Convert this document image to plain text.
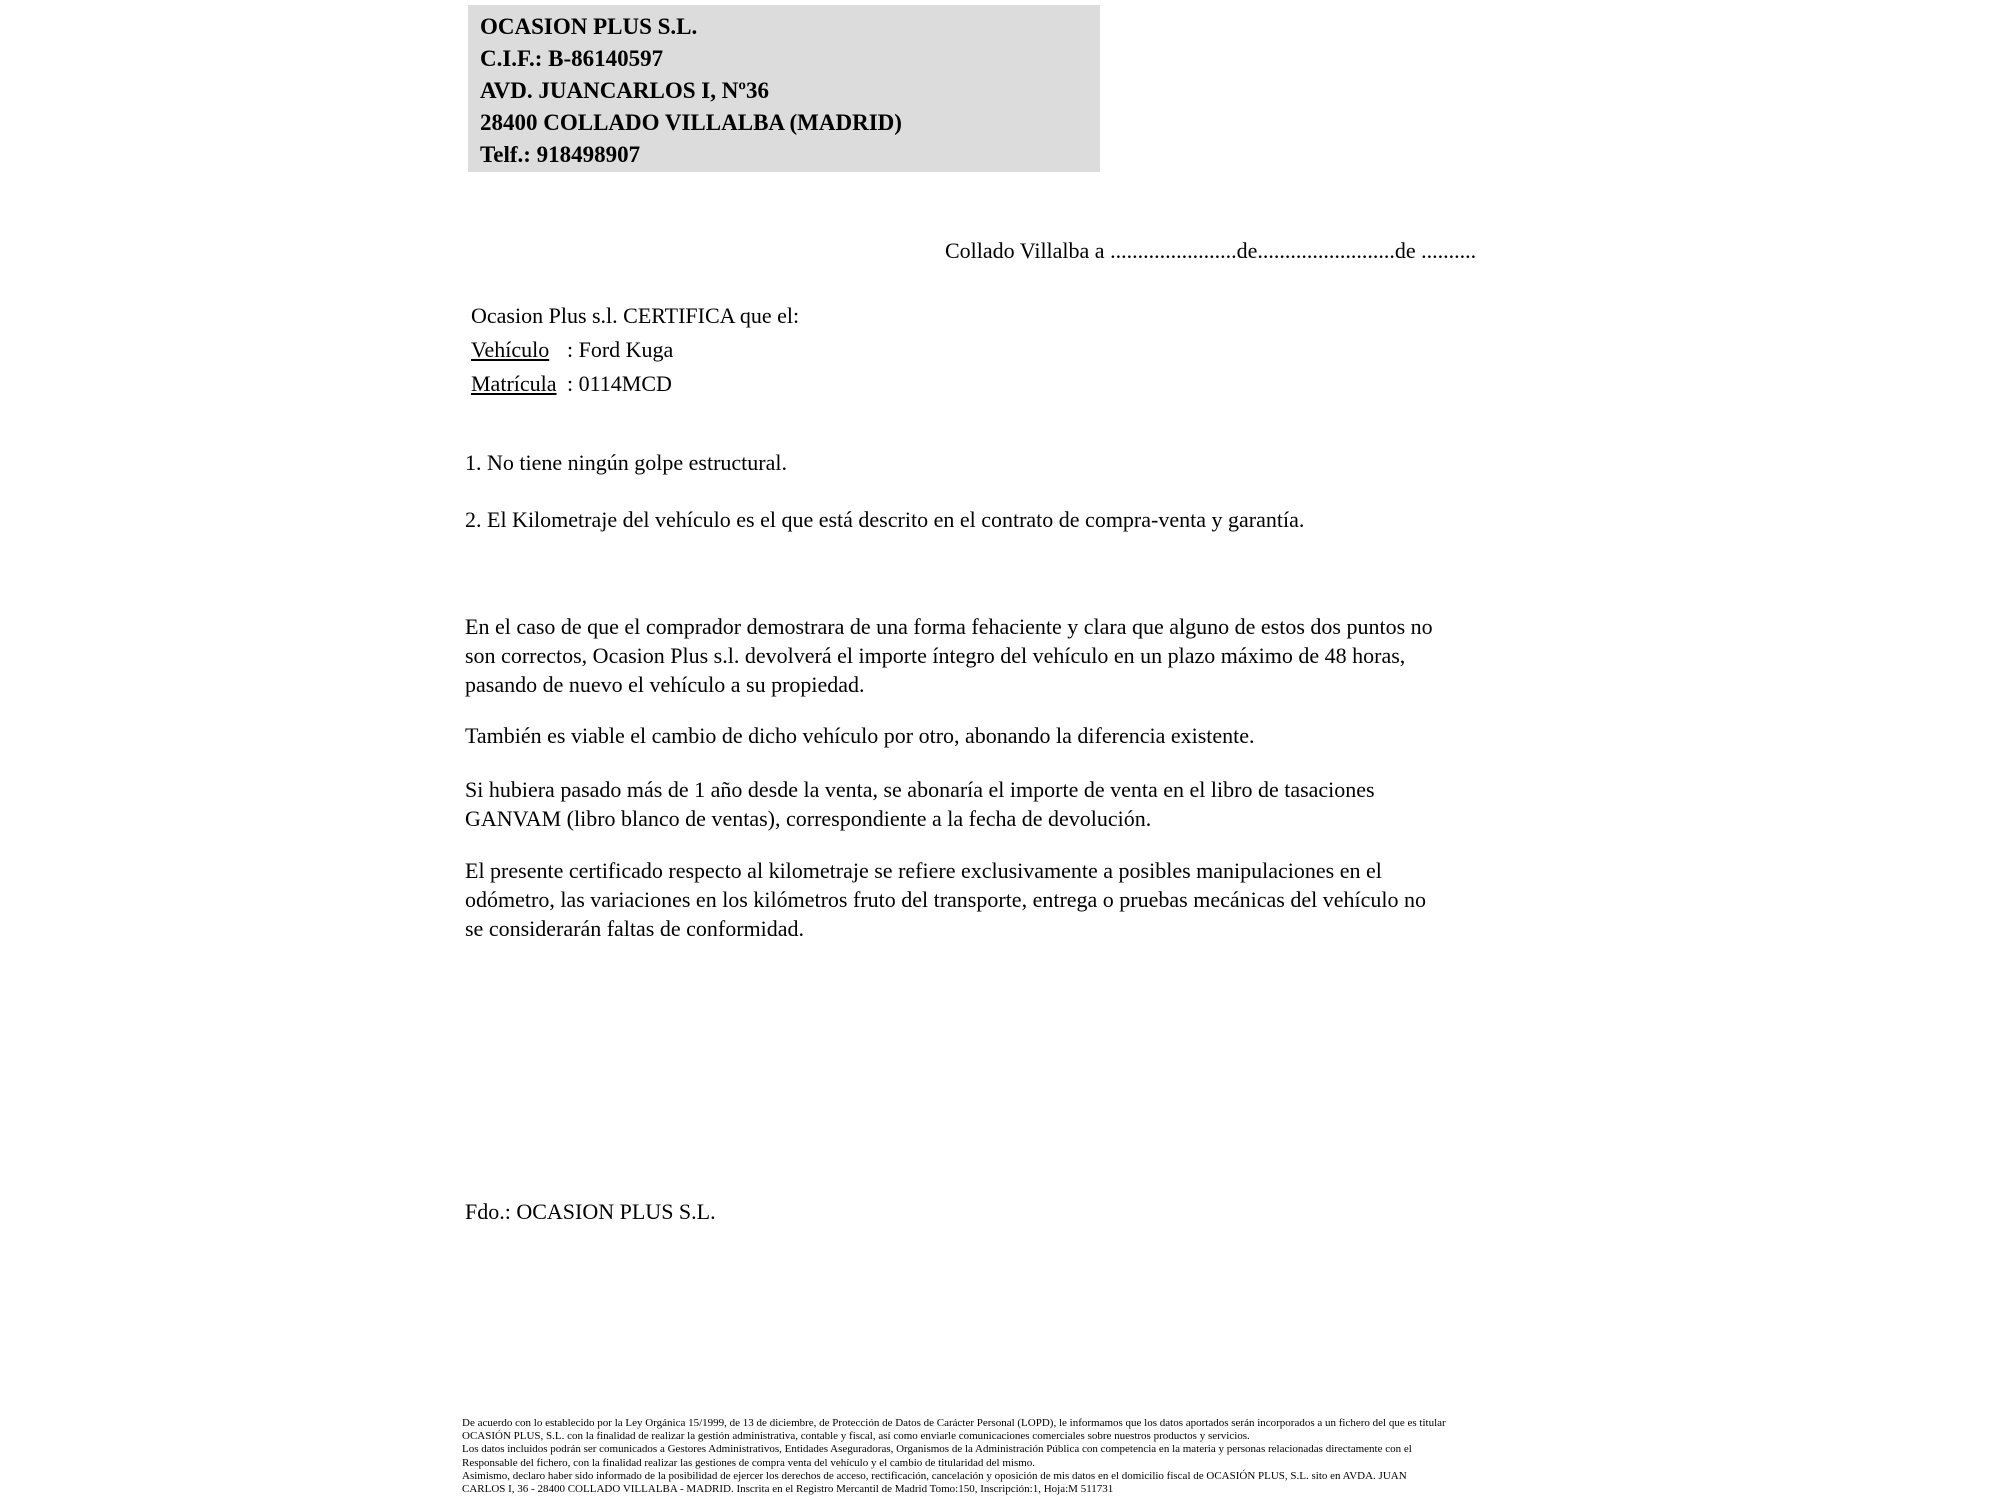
OCASION PLUS S.L.
C.I.F.: B-86140597
AVD. JUANCARLOS I, Nº36
28400 COLLADO VILLALBA (MADRID)
Telf.: 918498907
Collado Villalba a .......................de.........................de ..........
Ocasion Plus s.l. CERTIFICA que el:
Vehículo : Ford Kuga
Matrícula : 0114MCD
1. No tiene ningún golpe estructural.
2. El Kilometraje del vehículo es el que está descrito en el contrato de compra-venta y garantía.
En el caso de que el comprador demostrara de una forma fehaciente y clara que alguno de estos dos puntos no
son correctos, Ocasion Plus s.l. devolverá el importe íntegro del vehículo en un plazo máximo de 48 horas,
pasando de nuevo el vehículo a su propiedad.
También es viable el cambio de dicho vehículo por otro, abonando la diferencia existente.
Si hubiera pasado más de 1 año desde la venta, se abonaría el importe de venta en el libro de tasaciones
GANVAM (libro blanco de ventas), correspondiente a la fecha de devolución.
El presente certificado respecto al kilometraje se refiere exclusivamente a posibles manipulaciones en el
odómetro, las variaciones en los kilómetros fruto del transporte, entrega o pruebas mecánicas del vehículo no
se considerarán faltas de conformidad.
Fdo.: OCASION PLUS S.L.
De acuerdo con lo establecido por la Ley Orgánica 15/1999, de 13 de diciembre, de Protección de Datos de Carácter Personal (LOPD), le informamos que los datos aportados serán incorporados a un fichero del que es titular
OCASIÓN PLUS, S.L. con la finalidad de realizar la gestión administrativa, contable y fiscal, así como enviarle comunicaciones comerciales sobre nuestros productos y servicios.
Los datos incluidos podrán ser comunicados a Gestores Administrativos, Entidades Aseguradoras, Organismos de la Administración Pública con competencia en la materia y personas relacionadas directamente con el
Responsable del fichero, con la finalidad realizar las gestiones de compra venta del vehículo y el cambio de titularidad del mismo.
Asimismo, declaro haber sido informado de la posibilidad de ejercer los derechos de acceso, rectificación, cancelación y oposición de mis datos en el domicilio fiscal de OCASIÓN PLUS, S.L. sito en AVDA. JUAN
CARLOS I, 36 - 28400 COLLADO VILLALBA - MADRID. Inscrita en el Registro Mercantil de Madrid Tomo:150, Inscripción:1, Hoja:M 511731
